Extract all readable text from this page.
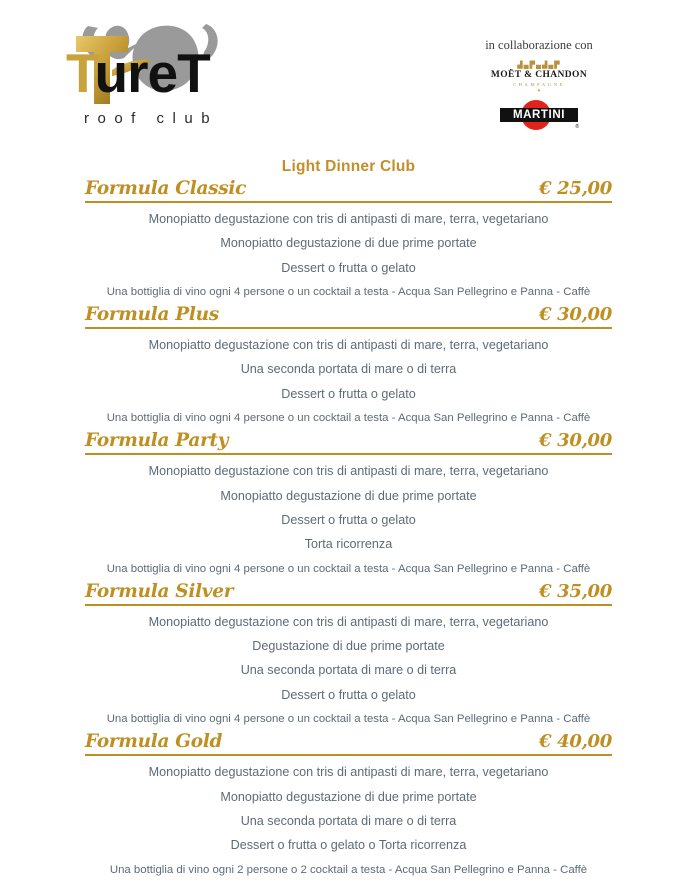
TureT
roof club
in collaborazione con
▟▄▛▄▟▄▛
MOËT & CHANDON
CHAMPAGNE
✦
MARTINI
®
Light Dinner Club
Formula Classic	€ 25,00
Monopiatto degustazione con tris di antipasti di mare, terra, vegetariano
Monopiatto degustazione di due prime portate
Dessert o frutta o gelato
Una bottiglia di vino ogni 4 persone o un cocktail a testa - Acqua San Pellegrino e Panna - Caffè
Formula Plus	€ 30,00
Monopiatto degustazione con tris di antipasti di mare, terra, vegetariano
Una seconda portata di mare o di terra
Dessert o frutta o gelato
Una bottiglia di vino ogni 4 persone o un cocktail a testa - Acqua San Pellegrino e Panna - Caffè
Formula Party	€ 30,00
Monopiatto degustazione con tris di antipasti di mare, terra, vegetariano
Monopiatto degustazione di due prime portate
Dessert o frutta o gelato
Torta ricorrenza
Una bottiglia di vino ogni 4 persone o un cocktail a testa - Acqua San Pellegrino e Panna - Caffè
Formula Silver	€ 35,00
Monopiatto degustazione con tris di antipasti di mare, terra, vegetariano
Degustazione di due prime portate
Una seconda portata di mare o di terra
Dessert o frutta o gelato
Una bottiglia di vino ogni 4 persone o un cocktail a testa - Acqua San Pellegrino e Panna - Caffè
Formula Gold	€ 40,00
Monopiatto degustazione con tris di antipasti di mare, terra, vegetariano
Monopiatto degustazione di due prime portate
Una seconda portata di mare o di terra
Dessert o frutta o gelato o Torta ricorrenza
Una bottiglia di vino ogni 2 persone o 2 cocktail a testa - Acqua San Pellegrino e Panna - Caffè
